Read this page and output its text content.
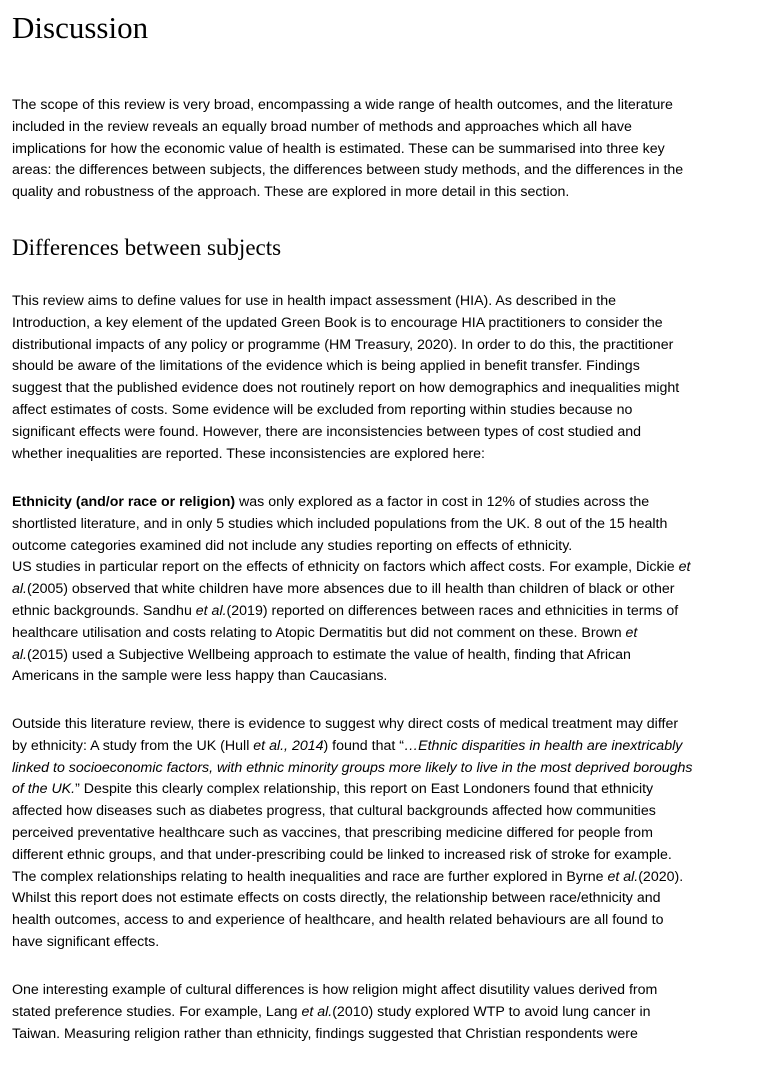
Discussion
The scope of this review is very broad, encompassing a wide range of health outcomes, and the literature
included in the review reveals an equally broad number of methods and approaches which all have
implications for how the economic value of health is estimated. These can be summarised into three key
areas: the differences between subjects, the differences between study methods, and the differences in the
quality and robustness of the approach. These are explored in more detail in this section.
Differences between subjects
This review aims to define values for use in health impact assessment (HIA). As described in the
Introduction, a key element of the updated Green Book is to encourage HIA practitioners to consider the
distributional impacts of any policy or programme (HM Treasury, 2020). In order to do this, the practitioner
should be aware of the limitations of the evidence which is being applied in benefit transfer. Findings
suggest that the published evidence does not routinely report on how demographics and inequalities might
affect estimates of costs. Some evidence will be excluded from reporting within studies because no
significant effects were found. However, there are inconsistencies between types of cost studied and
whether inequalities are reported. These inconsistencies are explored here:
Ethnicity (and/or race or religion) was only explored as a factor in cost in 12% of studies across the
shortlisted literature, and in only 5 studies which included populations from the UK. 8 out of the 15 health
outcome categories examined did not include any studies reporting on effects of ethnicity.
US studies in particular report on the effects of ethnicity on factors which affect costs. For example, Dickie et
al.(2005) observed that white children have more absences due to ill health than children of black or other
ethnic backgrounds. Sandhu et al.(2019) reported on differences between races and ethnicities in terms of
healthcare utilisation and costs relating to Atopic Dermatitis but did not comment on these. Brown et
al.(2015) used a Subjective Wellbeing approach to estimate the value of health, finding that African
Americans in the sample were less happy than Caucasians.
Outside this literature review, there is evidence to suggest why direct costs of medical treatment may differ
by ethnicity: A study from the UK (Hull et al., 2014) found that “…Ethnic disparities in health are inextricably
linked to socioeconomic factors, with ethnic minority groups more likely to live in the most deprived boroughs
of the UK.” Despite this clearly complex relationship, this report on East Londoners found that ethnicity
affected how diseases such as diabetes progress, that cultural backgrounds affected how communities
perceived preventative healthcare such as vaccines, that prescribing medicine differed for people from
different ethnic groups, and that under-prescribing could be linked to increased risk of stroke for example.
The complex relationships relating to health inequalities and race are further explored in Byrne et al.(2020).
Whilst this report does not estimate effects on costs directly, the relationship between race/ethnicity and
health outcomes, access to and experience of healthcare, and health related behaviours are all found to
have significant effects.
One interesting example of cultural differences is how religion might affect disutility values derived from
stated preference studies. For example, Lang et al.(2010) study explored WTP to avoid lung cancer in
Taiwan. Measuring religion rather than ethnicity, findings suggested that Christian respondents were
